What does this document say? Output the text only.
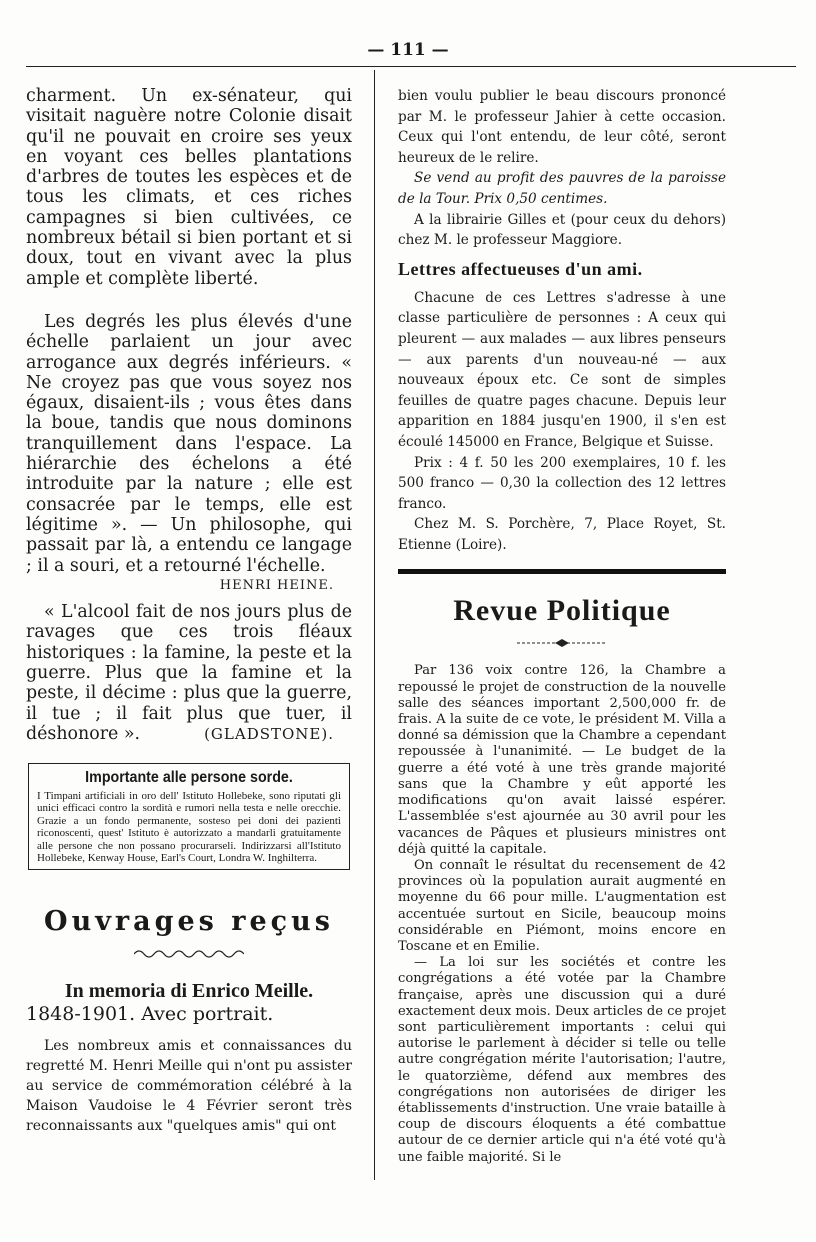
— 111 —

charment. Un ex-sénateur, qui visitait naguère notre Colonie disait qu'il ne pouvait en croire ses yeux en voyant ces belles plantations d'arbres de toutes les espèces et de tous les climats, et ces riches campagnes si bien cultivées, ce nombreux bétail si bien portant et si doux, tout en vivant avec la plus ample et complète liberté.

Les degrés les plus élevés d'une échelle parlaient un jour avec arrogance aux degrés inférieurs. « Ne croyez pas que vous soyez nos égaux, disaient-ils ; vous êtes dans la boue, tandis que nous dominons tranquillement dans l'espace. La hiérarchie des échelons a été introduite par la nature ; elle est consacrée par le temps, elle est légitime ». — Un philosophe, qui passait par là, a entendu ce langage ; il a souri, et a retourné l'échelle.

HENRI HEINE.

« L'alcool fait de nos jours plus de ravages que ces trois fléaux historiques : la famine, la peste et la guerre. Plus que la famine et la peste, il décime : plus que la guerre, il tue ; il fait plus que tuer, il déshonore ».	(GLADSTONE).

Importante alle persone sorde.

I Timpani artificiali in oro dell' Istituto Hollebeke, sono riputati gli unici efficaci contro la sordità e rumori nella testa e nelle orecchie. Grazie a un fondo permanente, sosteso pei doni dei pazienti riconoscenti, quest' Istituto è autorizzato a mandarli gratuitamente alle persone che non possano procurarseli. Indirizzarsi all'Istituto Hollebeke, Kenway House, Earl's Court, Londra W. Inghilterra.

Ouvrages reçus
In memoria di Enrico Meille.

1848-1901. Avec portrait.

Les nombreux amis et connaissances du regretté M. Henri Meille qui n'ont pu assister au service de commémoration célébré à la Maison Vaudoise le 4 Février seront très reconnaissants aux "quelques amis" qui ont

bien voulu publier le beau discours prononcé par M. le professeur Jahier à cette occasion. Ceux qui l'ont entendu, de leur côté, seront heureux de le relire.

Se vend au profit des pauvres de la paroisse de la Tour. Prix 0,50 centimes.

A la librairie Gilles et (pour ceux du dehors) chez M. le professeur Maggiore.

Lettres affectueuses d'un ami.

Chacune de ces Lettres s'adresse à une classe particulière de personnes : A ceux qui pleurent — aux malades — aux libres penseurs — aux parents d'un nouveau-né — aux nouveaux époux etc. Ce sont de simples feuilles de quatre pages chacune. Depuis leur apparition en 1884 jusqu'en 1900, il s'en est écoulé 145000 en France, Belgique et Suisse.

Prix : 4 f. 50 les 200 exemplaires, 10 f. les 500 franco — 0,30 la collection des 12 lettres franco.

Chez M. S. Porchère, 7, Place Royet, St. Etienne (Loire).

Revue Politique

Par 136 voix contre 126, la Chambre a repoussé le projet de construction de la nouvelle salle des séances important 2,500,000 fr. de frais. A la suite de ce vote, le président M. Villa a donné sa démission que la Chambre a cependant repoussée à l'unanimité. — Le budget de la guerre a été voté à une très grande majorité sans que la Chambre y eût apporté les modifications qu'on avait laissé espérer. L'assemblée s'est ajournée au 30 avril pour les vacances de Pâques et plusieurs ministres ont déjà quitté la capitale.

On connaît le résultat du recensement de 42 provinces où la population aurait augmenté en moyenne du 66 pour mille. L'augmentation est accentuée surtout en Sicile, beaucoup moins considérable en Piémont, moins encore en Toscane et en Emilie.

— La loi sur les sociétés et contre les congrégations a été votée par la Chambre française, après une discussion qui a duré exactement deux mois. Deux articles de ce projet sont particulièrement importants : celui qui autorise le parlement à décider si telle ou telle autre congrégation mérite l'autorisation; l'autre, le quatorzième, défend aux membres des congrégations non autorisées de diriger les établissements d'instruction. Une vraie bataille à coup de discours éloquents a été combattue autour de ce dernier article qui n'a été voté qu'à une faible majorité. Si le
